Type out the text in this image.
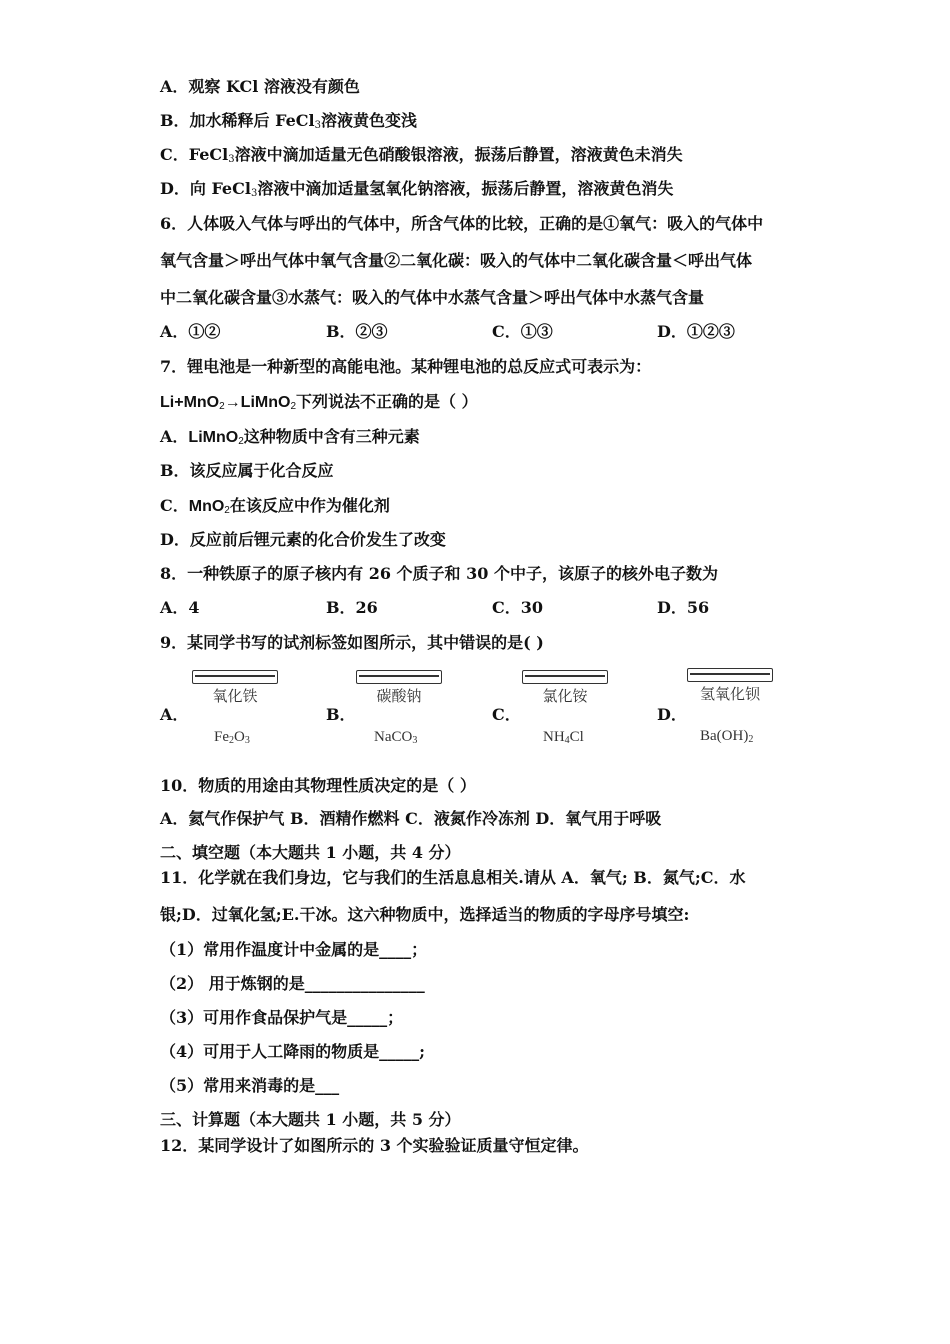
A．观察 KCl 溶液没有颜色
B．加水稀释后 FeCl$_3$溶液黄色变浅
C．FeCl$_3$溶液中滴加适量无色硝酸银溶液，振荡后静置，溶液黄色未消失
D．向 FeCl$_3$溶液中滴加适量氢氧化钠溶液，振荡后静置，溶液黄色消失
6．人体吸入气体与呼出的气体中，所含气体的比较，正确的是①氧气：吸入的气体中
氧气含量＞呼出气体中氧气含量②二氧化碳：吸入的气体中二氧化碳含量＜呼出气体
中二氧化碳含量③水蒸气：吸入的气体中水蒸气含量＞呼出气体中水蒸气含量
A．①②	B．②③	C．①③	D．①②③
7．锂电池是一种新型的高能电池。某种锂电池的总反应式可表示为：
Li+MnO$_2$→LiMnO$_2$下列说法不正确的是（ ）
A．LiMnO$_2$这种物质中含有三种元素
B．该反应属于化合反应
C．MnO$_2$在该反应中作为催化剂
D．反应前后锂元素的化合价发生了改变
8．一种铁原子的原子核内有 26 个质子和 30 个中子，该原子的核外电子数为
A．4	B．26	C．30	D．56
9．某同学书写的试剂标签如图所示，其中错误的是( )
A．
氧化铁
$Fe_2O_3$
B．
碳酸钠
NaCO$_3$
C．
氯化铵
$NH_4Cl$
D．
氢氧化钡
$Ba(OH)_2$
10．物质的用途由其物理性质决定的是（ ）
A．氦气作保护气 B．酒精作燃料 C．液氮作冷冻剂 D．氧气用于呼吸
二、填空题（本大题共 1 小题，共 4 分）
11．化学就在我们身边，它与我们的生活息息相关.请从 A．氧气; B．氮气;C．水
银;D．过氧化氢;E.干冰。这六种物质中，选择适当的物质的字母序号填空:
（1）常用作温度计中金属的是____；
（2） 用于炼钢的是_______________
（3）可用作食品保护气是_____；
（4）可用于人工降雨的物质是_____;
（5）常用来消毒的是___
三、计算题（本大题共 1 小题，共 5 分）
12．某同学设计了如图所示的 3 个实验验证质量守恒定律。
